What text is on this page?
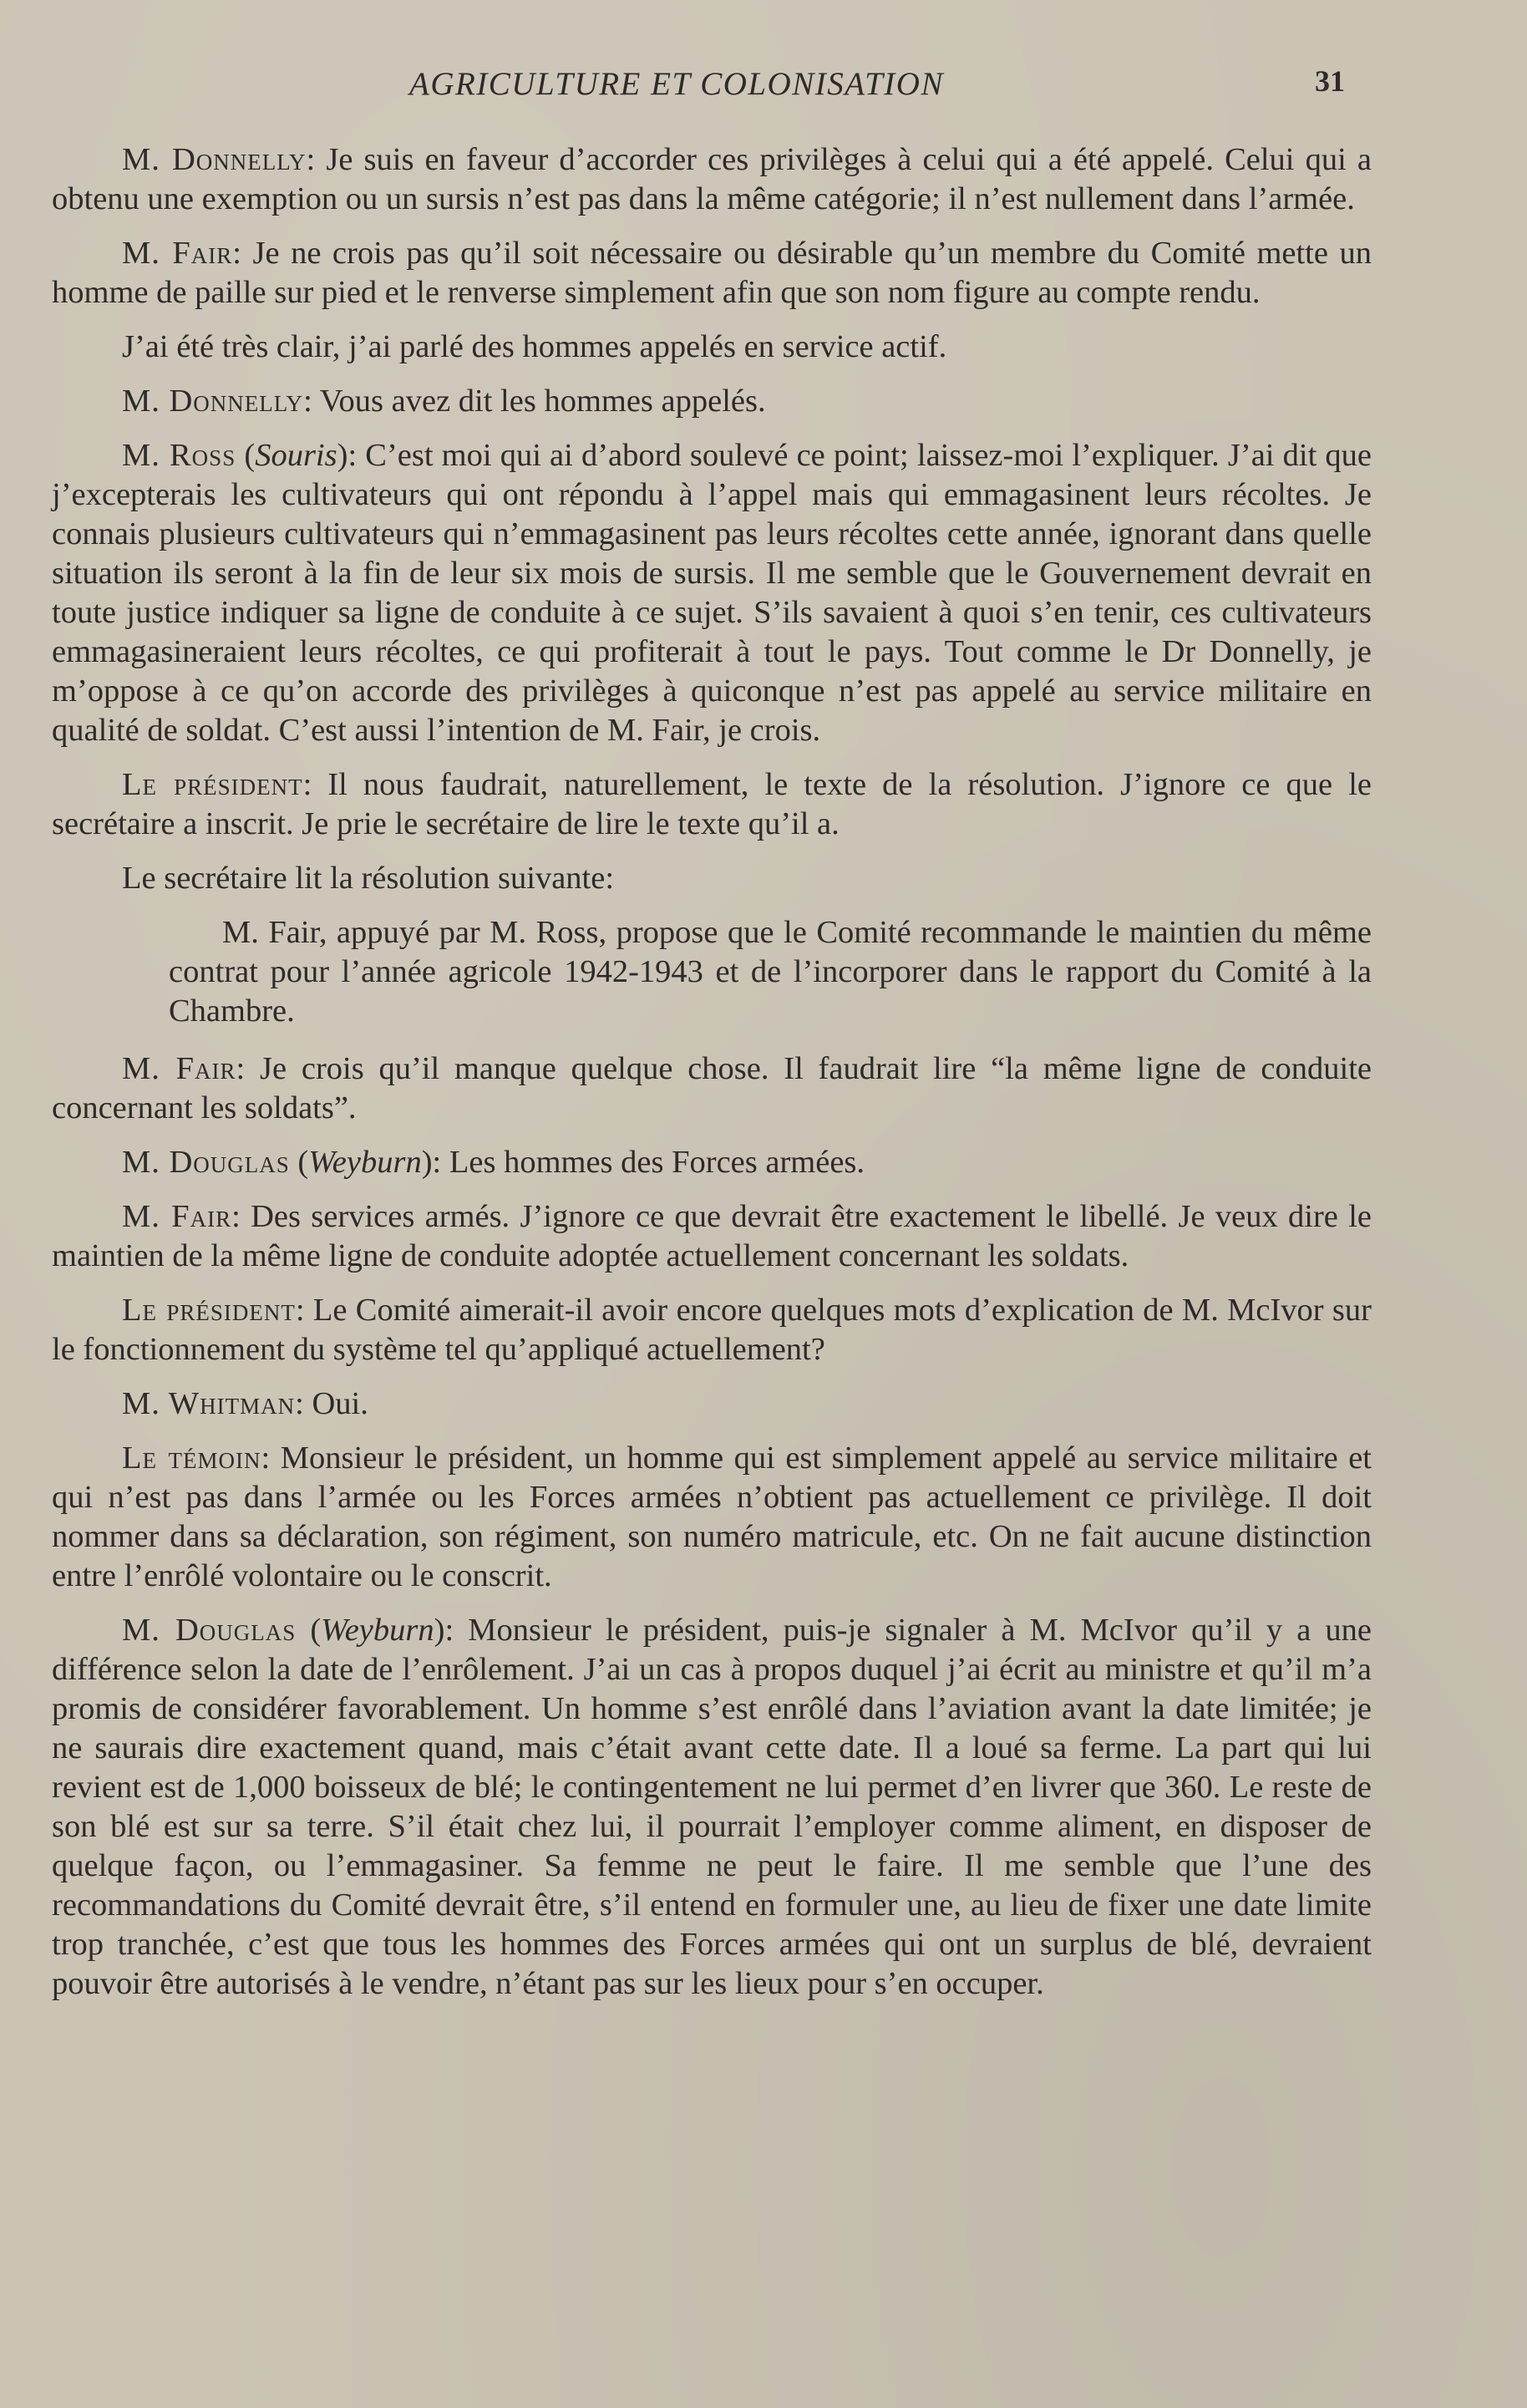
AGRICULTURE ET COLONISATION	31

M. Donnelly: Je suis en faveur d’accorder ces privilèges à celui qui a été appelé. Celui qui a obtenu une exemption ou un sursis n’est pas dans la même catégorie; il n’est nullement dans l’armée.

M. Fair: Je ne crois pas qu’il soit nécessaire ou désirable qu’un membre du Comité mette un homme de paille sur pied et le renverse simplement afin que son nom figure au compte rendu.

J’ai été très clair, j’ai parlé des hommes appelés en service actif.

M. Donnelly: Vous avez dit les hommes appelés.

M. Ross (Souris): C’est moi qui ai d’abord soulevé ce point; laissez-moi l’expliquer. J’ai dit que j’excepterais les cultivateurs qui ont répondu à l’appel mais qui emmagasinent leurs récoltes. Je connais plusieurs cultivateurs qui n’emmagasinent pas leurs récoltes cette année, ignorant dans quelle situation ils seront à la fin de leur six mois de sursis. Il me semble que le Gouvernement devrait en toute justice indiquer sa ligne de conduite à ce sujet. S’ils savaient à quoi s’en tenir, ces cultivateurs emmagasineraient leurs récoltes, ce qui profiterait à tout le pays. Tout comme le Dr Donnelly, je m’oppose à ce qu’on accorde des privilèges à quiconque n’est pas appelé au service militaire en qualité de soldat. C’est aussi l’intention de M. Fair, je crois.

Le président: Il nous faudrait, naturellement, le texte de la résolution. J’ignore ce que le secrétaire a inscrit. Je prie le secrétaire de lire le texte qu’il a.

Le secrétaire lit la résolution suivante:

M. Fair, appuyé par M. Ross, propose que le Comité recommande le maintien du même contrat pour l’année agricole 1942-1943 et de l’incorporer dans le rapport du Comité à la Chambre.

M. Fair: Je crois qu’il manque quelque chose. Il faudrait lire “la même ligne de conduite concernant les soldats”.

M. Douglas (Weyburn): Les hommes des Forces armées.

M. Fair: Des services armés. J’ignore ce que devrait être exactement le libellé. Je veux dire le maintien de la même ligne de conduite adoptée actuellement concernant les soldats.

Le président: Le Comité aimerait-il avoir encore quelques mots d’explication de M. McIvor sur le fonctionnement du système tel qu’appliqué actuellement?

M. Whitman: Oui.

Le témoin: Monsieur le président, un homme qui est simplement appelé au service militaire et qui n’est pas dans l’armée ou les Forces armées n’obtient pas actuellement ce privilège. Il doit nommer dans sa déclaration, son régiment, son numéro matricule, etc. On ne fait aucune distinction entre l’enrôlé volontaire ou le conscrit.

M. Douglas (Weyburn): Monsieur le président, puis-je signaler à M. McIvor qu’il y a une différence selon la date de l’enrôlement. J’ai un cas à propos duquel j’ai écrit au ministre et qu’il m’a promis de considérer favorablement. Un homme s’est enrôlé dans l’aviation avant la date limitée; je ne saurais dire exactement quand, mais c’était avant cette date. Il a loué sa ferme. La part qui lui revient est de 1,000 boisseux de blé; le contingentement ne lui permet d’en livrer que 360. Le reste de son blé est sur sa terre. S’il était chez lui, il pourrait l’employer comme aliment, en disposer de quelque façon, ou l’emmagasiner. Sa femme ne peut le faire. Il me semble que l’une des recommandations du Comité devrait être, s’il entend en formuler une, au lieu de fixer une date limite trop tranchée, c’est que tous les hommes des Forces armées qui ont un surplus de blé, devraient pouvoir être autorisés à le vendre, n’étant pas sur les lieux pour s’en occuper.
